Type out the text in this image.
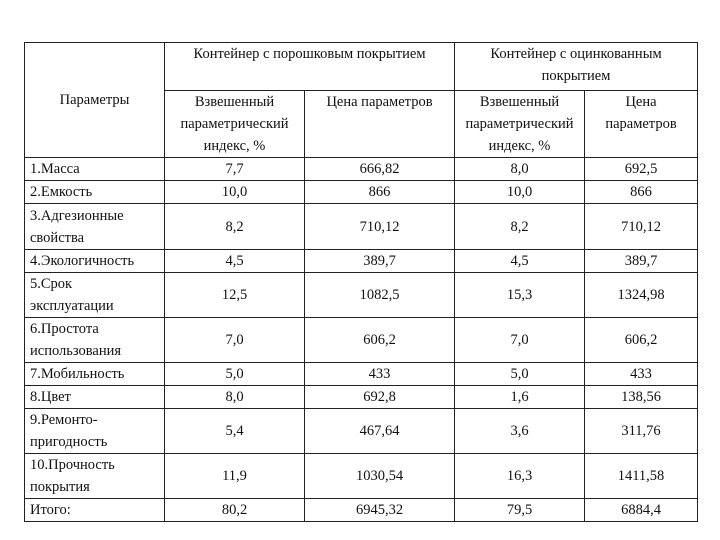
Параметры	Контейнер с порошковым покрытием		Контейнер с оцинкованным
покрытием	
	Взвешенный
параметрический
индекс, %	Цена параметров	Взвешенный
параметрический
индекс, %	Цена
параметров
1.Масса	7,7	666,82	8,0	692,5
2.Емкость	10,0	866	10,0	866
3.Адгезионные
свойства	8,2	710,12	8,2	710,12
4.Экологичность	4,5	389,7	4,5	389,7
5.Срок
эксплуатации	12,5	1082,5	15,3	1324,98
6.Простота
использования	7,0	606,2	7,0	606,2
7.Мобильность	5,0	433	5,0	433
8.Цвет	8,0	692,8	1,6	138,56
9.Ремонто-
пригодность	5,4	467,64	3,6	311,76
10.Прочность
покрытия	11,9	1030,54	16,3	1411,58
Итого:	80,2	6945,32	79,5	6884,4
